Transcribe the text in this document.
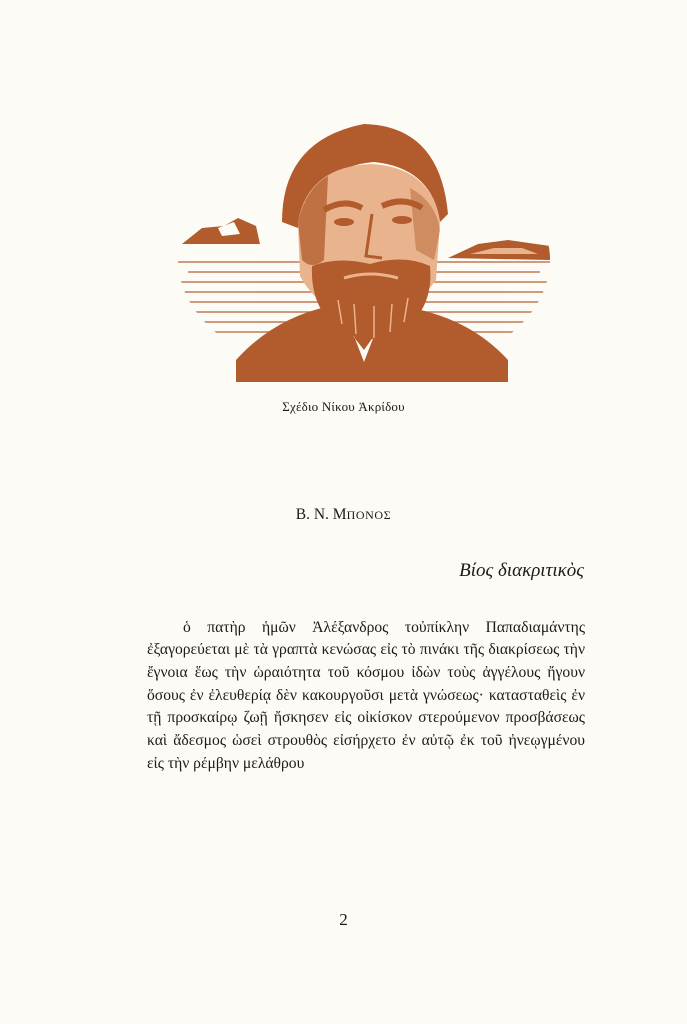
Σχέδιο Νίκου Ἀκρίδου
Β. Ν. ΜΠΟΝΟΣ
Βίος διακριτικὸς

ὁ πατὴρ ἡμῶν Ἀλέξανδρος τοὐπίκλην Παπαδιαμάντης ἐξαγορεύεται μὲ τὰ γραπτὰ κενώσας εἰς τὸ πινάκι τῆς διακρίσεως τὴν ἔγνοια ἕως τὴν ὡραιότητα τοῦ κόσμου ἰδὼν τοὺς ἀγγέλους ἤγουν ὅσους ἐν ἐλευθερίᾳ δὲν κακουργοῦσι μετὰ γνώσεως· κατασταθεὶς ἐν τῇ προσκαίρῳ ζωῇ ἤσκησεν εἰς οἰκίσκον στερούμενον προσβάσεως καὶ ἄδεσμος ὡσεὶ στρουθὸς εἰσήρχετο ἐν αὐτῷ ἐκ τοῦ ἠνεῳγμένου εἰς τὴν ρέμβην μελάθρου

2
